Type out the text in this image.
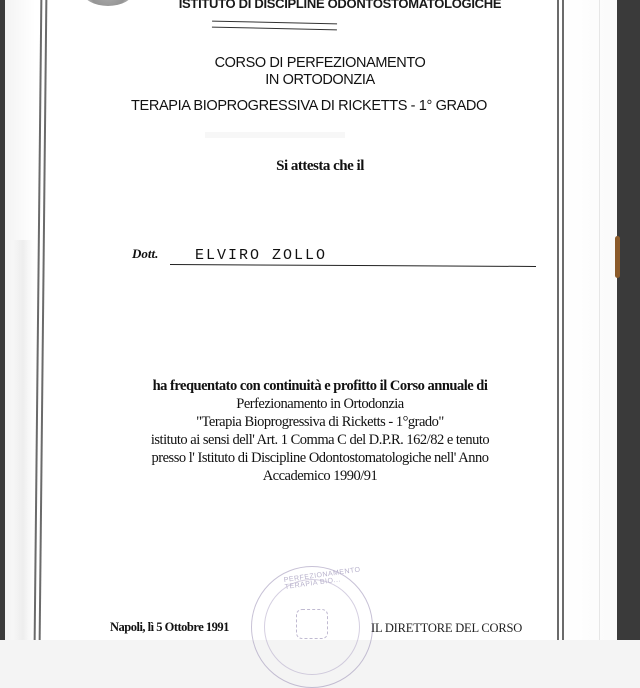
ISTITUTO DI DISCIPLINE ODONTOSTOMATOLOGICHE
CORSO DI PERFEZIONAMENTO
IN ORTODONZIA
TERAPIA BIOPROGRESSIVA DI RICKETTS - 1° GRADO
Si attesta che il
Dott. ELVIRO ZOLLO
ha frequentato con continuità e profitto il Corso annuale di
Perfezionamento in Ortodonzia
"Terapia Bioprogressiva di Ricketts - 1°grado"
istituto ai sensi dell' Art. 1 Comma C del D.P.R. 162/82 e tenuto
presso l' Istituto di Discipline Odontostomatologiche nell' Anno
Accademico 1990/91
PERFEZIONAMENTO TERAPIA BIO...
Napoli, lì 5 Ottobre 1991	IL DIRETTORE DEL CORSO
